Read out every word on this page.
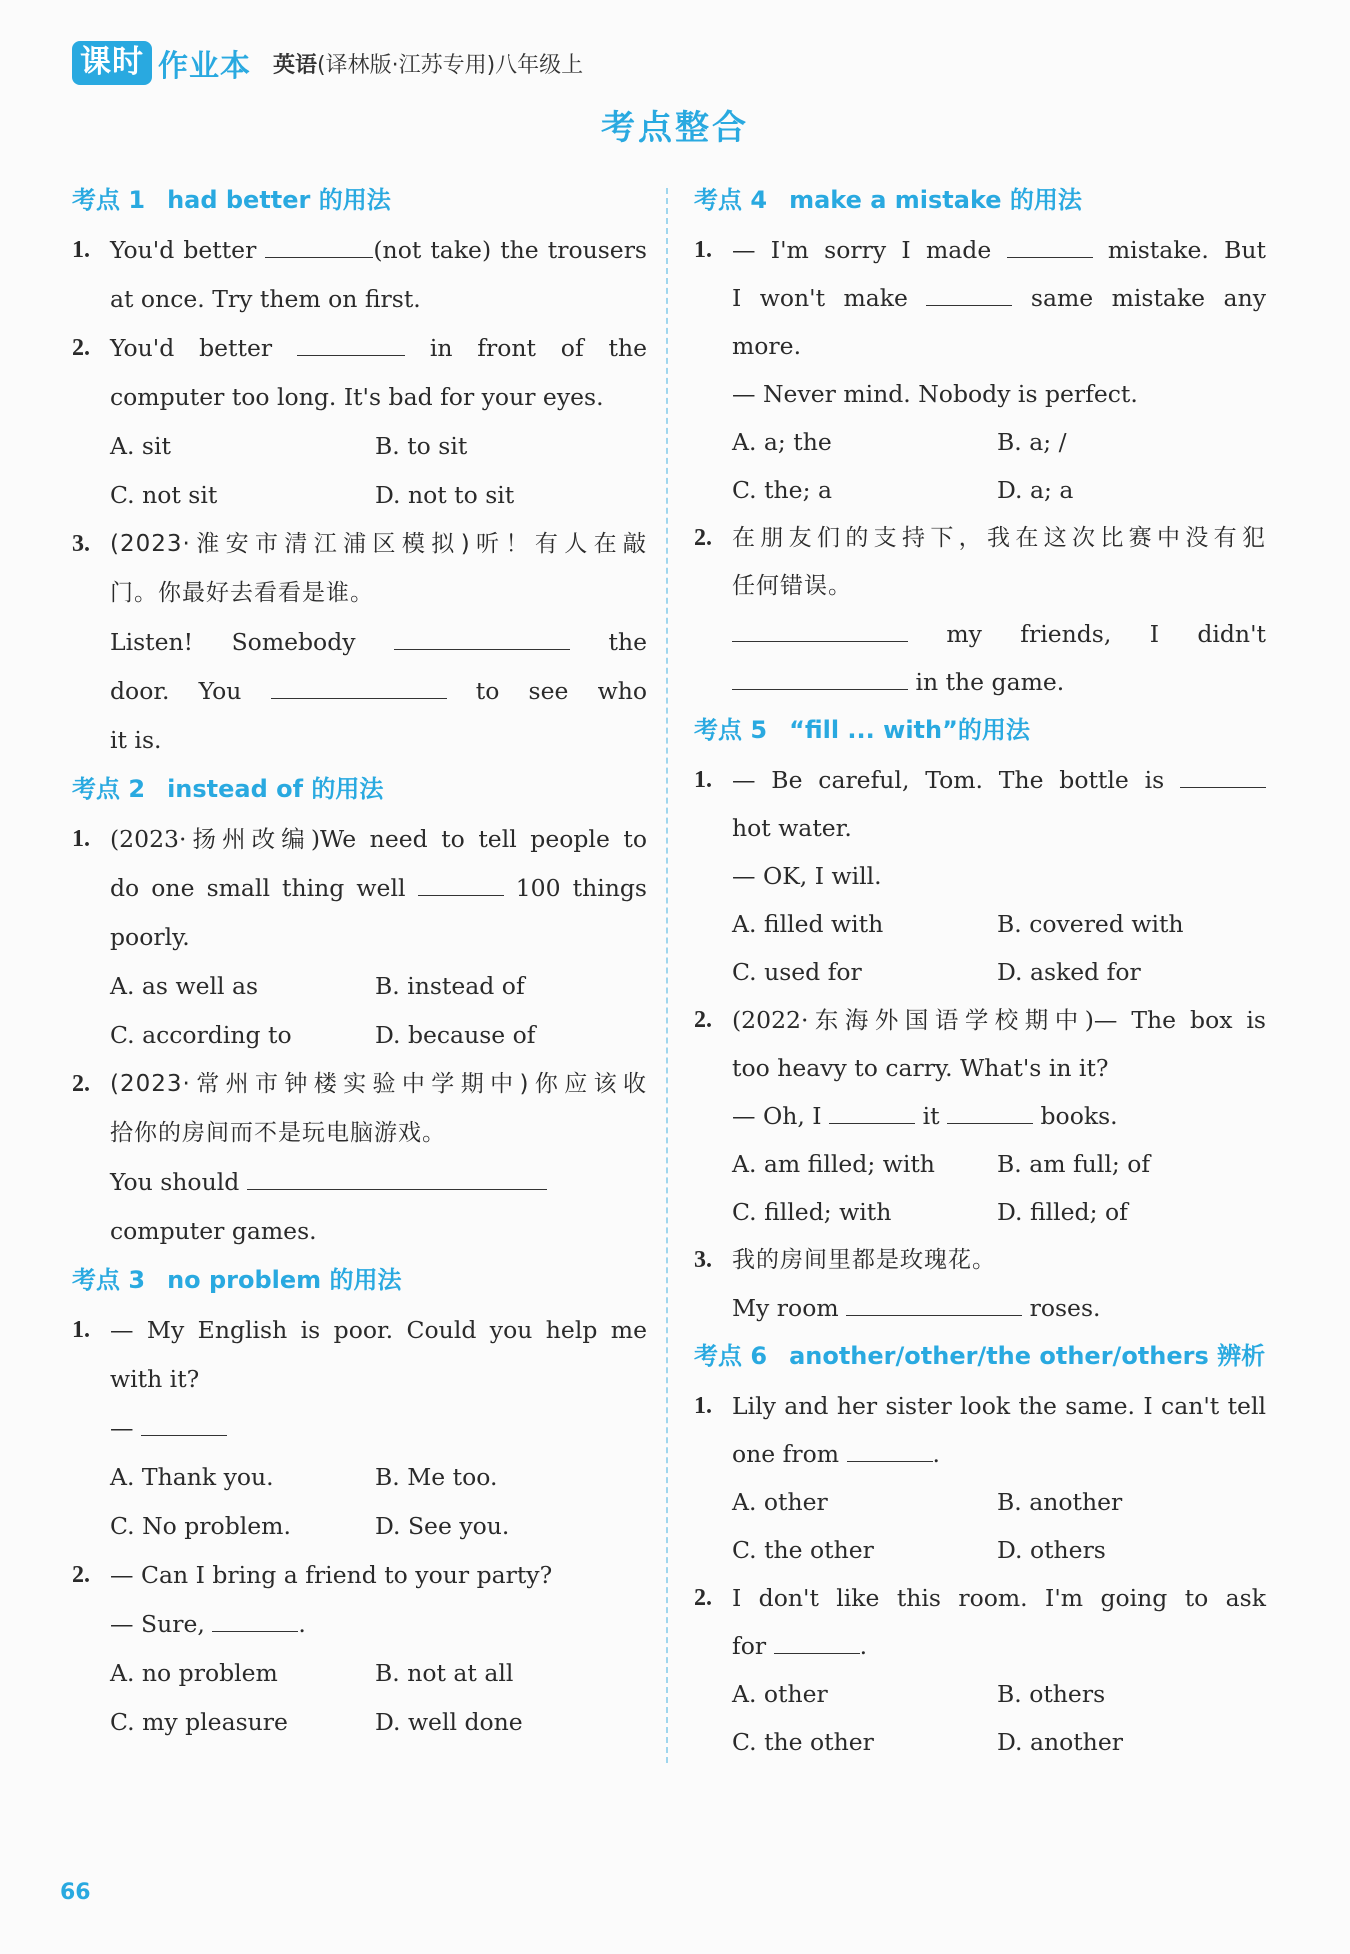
课时 作业本 英语(译林版·江苏专用)八年级上
考点整合
考点 1 had better 的用法
1. You'd better	(not take) the trousers
at once. Try them on first.
2. You'd better	in front of the
computer too long. It's bad for your eyes.
A. sit	B. to sit
C. not sit	D. not to sit
3. (2023·淮安市清江浦区模拟)听！有人在敲
门。你最好去看看是谁。
Listen! Somebody	the
door. You	to see who
it is.
考点 2 instead of 的用法
1. (2023·扬州改编)We need to tell people to
do one small thing well	100 things
poorly.
A. as well as	B. instead of
C. according to	D. because of
2. (2023·常州市钟楼实验中学期中)你应该收
拾你的房间而不是玩电脑游戏。
You should
computer games.
考点 3 no problem 的用法
1. — My English is poor. Could you help me
with it?
—
A. Thank you.	B. Me too.
C. No problem.	D. See you.
2. — Can I bring a friend to your party?
— Sure,	.
A. no problem	B. not at all
C. my pleasure	D. well done
考点 4 make a mistake 的用法
1. — I'm sorry I made	mistake. But
I won't make	same mistake any
more.
— Never mind. Nobody is perfect.
A. a; the	B. a; /
C. the; a	D. a; a
2. 在朋友们的支持下，我在这次比赛中没有犯
任何错误。
my friends, I didn't
in the game.
考点 5 “fill ... with”的用法
1. — Be careful, Tom. The bottle is
hot water.
— OK, I will.
A. filled with	B. covered with
C. used for	D. asked for
2. (2022·东海外国语学校期中)— The box is
too heavy to carry. What's in it?
— Oh, I	it	books.
A. am filled; with	B. am full; of
C. filled; with	D. filled; of
3. 我的房间里都是玫瑰花。
My room	roses.
考点 6 another/other/the other/others 辨析
1. Lily and her sister look the same. I can't tell
one from	.
A. other	B. another
C. the other	D. others
2. I don't like this room. I'm going to ask
for	.
A. other	B. others
C. the other	D. another
66
